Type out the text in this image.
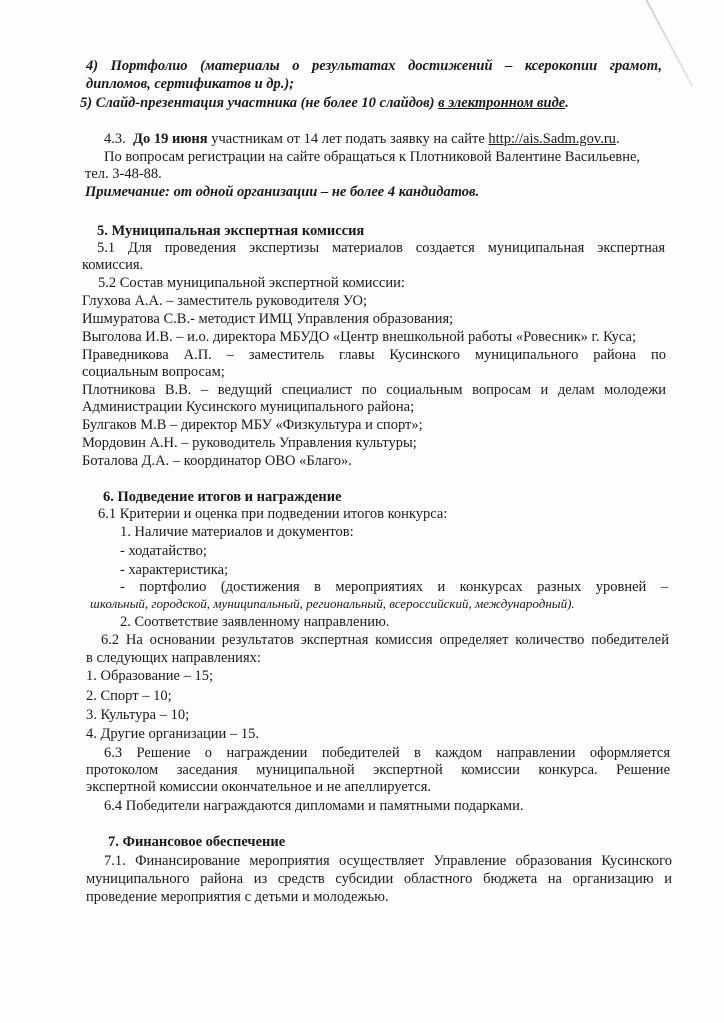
4) Портфолио (материалы о результатах достижений – ксерокопии грамот,
дипломов, сертификатов и др.);
5) Слайд-презентация участника (не более 10 слайдов) в электронном виде.
4.3. До 19 июня участникам от 14 лет подать заявку на сайте http://ais.Sadm.gov.ru.
По вопросам регистрации на сайте обращаться к Плотниковой Валентине Васильевне,
тел. 3-48-88.
Примечание: от одной организации – не более 4 кандидатов.
5. Муниципальная экспертная комиссия
5.1 Для проведения экспертизы материалов создается муниципальная экспертная
комиссия.
5.2 Состав муниципальной экспертной комиссии:
Глухова А.А. – заместитель руководителя УО;
Ишмуратова С.В.- методист ИМЦ Управления образования;
Выголова И.В. – и.о. директора МБУДО «Центр внешкольной работы «Ровесник» г. Куса;
Праведникова А.П. – заместитель главы Кусинского муниципального района по
социальным вопросам;
Плотникова В.В. – ведущий специалист по социальным вопросам и делам молодежи
Администрации Кусинского муниципального района;
Булгаков М.В – директор МБУ «Физкультура и спорт»;
Мордовин А.Н. – руководитель Управления культуры;
Боталова Д.А. – координатор ОВО «Благо».
6. Подведение итогов и награждение
6.1 Критерии и оценка при подведении итогов конкурса:
1. Наличие материалов и документов:
- ходатайство;
- характеристика;
- портфолио (достижения в мероприятиях и конкурсах разных уровней –
школьный, городской, муниципальный, региональный, всероссийский, международный).
2. Соответствие заявленному направлению.
6.2 На основании результатов экспертная комиссия определяет количество победителей
в следующих направлениях:
1. Образование – 15;
2. Спорт – 10;
3. Культура – 10;
4. Другие организации – 15.
6.3 Решение о награждении победителей в каждом направлении оформляется
протоколом заседания муниципальной экспертной комиссии конкурса. Решение
экспертной комиссии окончательное и не апеллируется.
6.4 Победители награждаются дипломами и памятными подарками.
7. Финансовое обеспечение
7.1. Финансирование мероприятия осуществляет Управление образования Кусинского
муниципального района из средств субсидии областного бюджета на организацию и
проведение мероприятия с детьми и молодежью.
